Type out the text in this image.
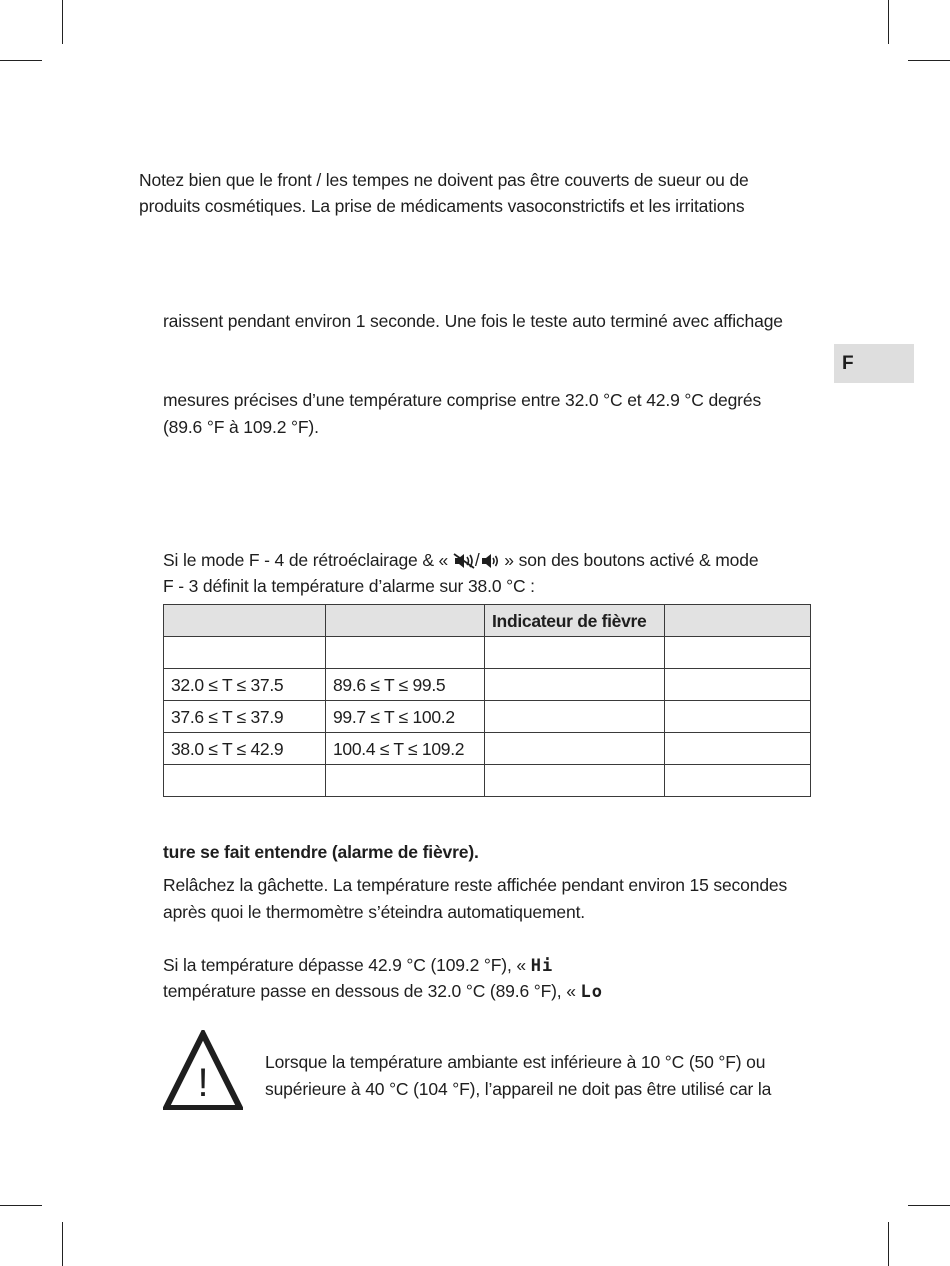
F
Notez bien que le front / les tempes ne doivent pas être couverts de sueur ou de
produits cosmétiques. La prise de médicaments vasoconstrictifs et les irritations
raissent pendant environ 1 seconde. Une fois le teste auto terminé avec affichage
mesures précises d’une température comprise entre 32.0 °C et 42.9 °C degrés
(89.6 °F à 109.2 °F).
Si le mode F - 4 de rétroéclairage & « / » son des boutons activé & mode
F - 3 définit la température d’alarme sur 38.0 °C :
		Indicateur de fièvre	

32.0 ≤ T ≤ 37.5	89.6 ≤ T ≤ 99.5		
37.6 ≤ T ≤ 37.9	99.7 ≤ T ≤ 100.2		
38.0 ≤ T ≤ 42.9	100.4 ≤ T ≤ 109.2		

ture se fait entendre (alarme de fièvre).
Relâchez la gâchette. La température reste affichée pendant environ 15 secondes
après quoi le thermomètre s’éteindra automatiquement.
Si la température dépasse 42.9 °C (109.2 °F), « Hi
température passe en dessous de 32.0 °C (89.6 °F), « Lo
!	Lorsque la température ambiante est inférieure à 10 °C (50 °F) ou
supérieure à 40 °C (104 °F), l’appareil ne doit pas être utilisé car la
